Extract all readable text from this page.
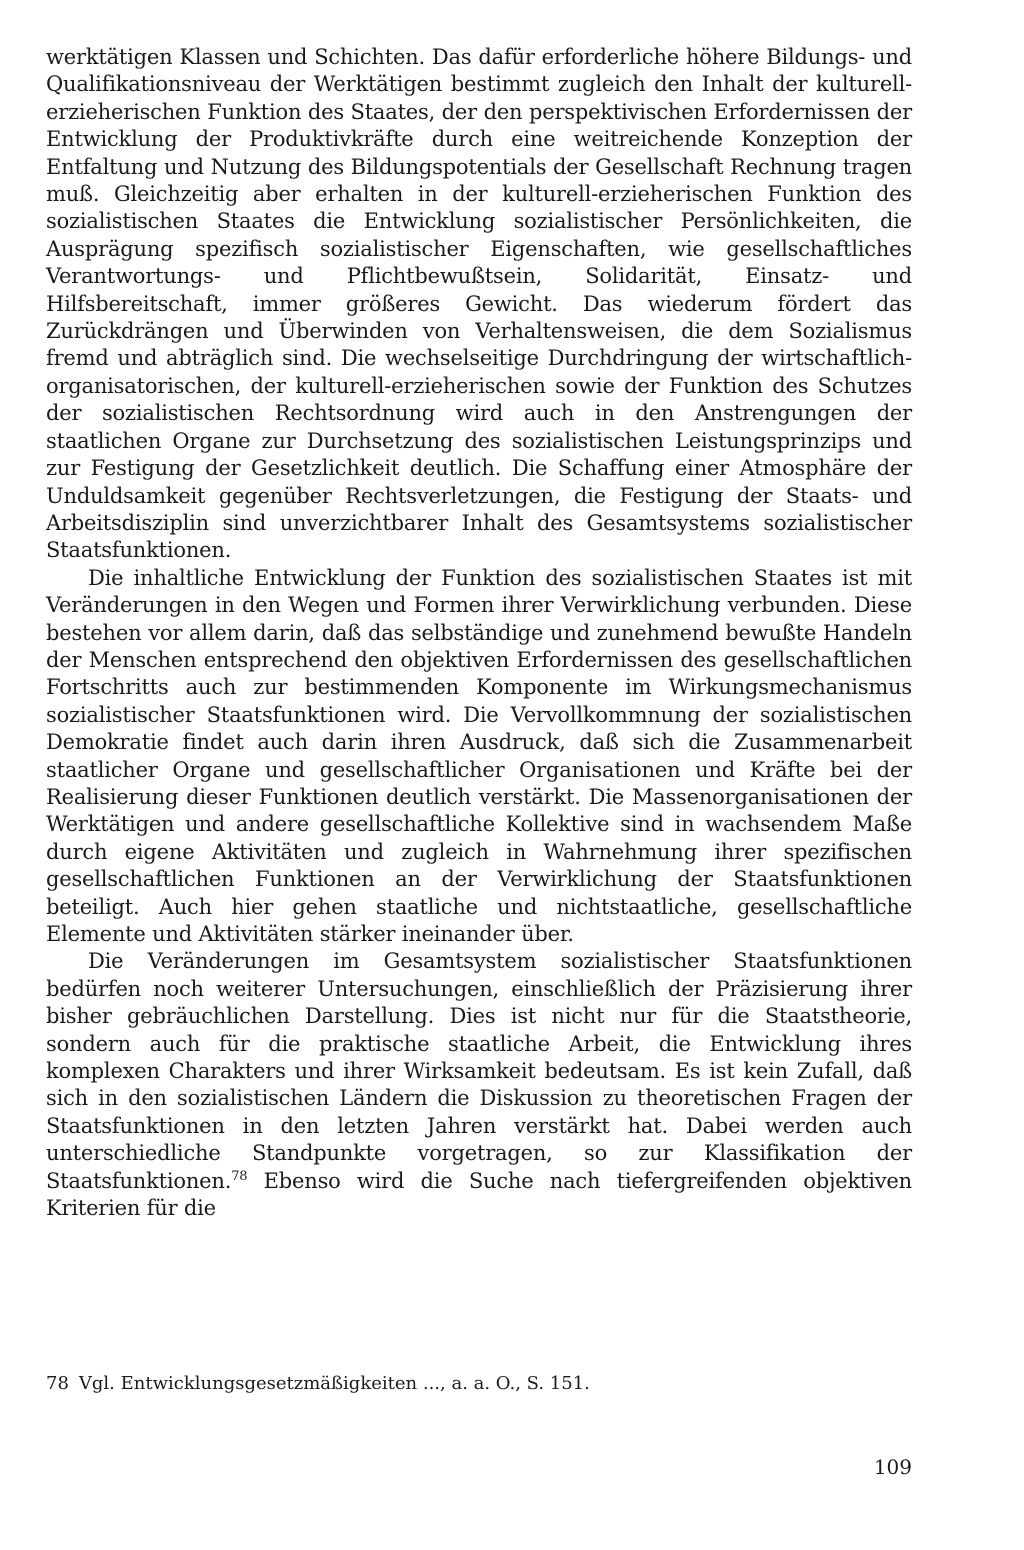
werktätigen Klassen und Schichten. Das dafür erforderliche höhere Bildungs- und Qualifikationsniveau der Werktätigen bestimmt zugleich den Inhalt der kulturell-erzieherischen Funktion des Staates, der den perspektivischen Erfordernissen der Entwicklung der Produktivkräfte durch eine weitreichende Konzeption der Entfaltung und Nutzung des Bildungspotentials der Gesellschaft Rechnung tragen muß. Gleichzeitig aber erhalten in der kulturell-erzieherischen Funktion des sozialistischen Staates die Entwicklung sozialistischer Persönlichkeiten, die Ausprägung spezifisch sozialistischer Eigenschaften, wie gesellschaftliches Verantwortungs- und Pflichtbewußtsein, Solidarität, Einsatz- und Hilfsbereitschaft, immer größeres Gewicht. Das wiederum fördert das Zurückdrängen und Überwinden von Verhaltensweisen, die dem Sozialismus fremd und abträglich sind. Die wechselseitige Durchdringung der wirtschaftlich-organisatorischen, der kulturell-erzieherischen sowie der Funktion des Schutzes der sozialistischen Rechtsordnung wird auch in den Anstrengungen der staatlichen Organe zur Durchsetzung des sozialistischen Leistungsprinzips und zur Festigung der Gesetzlichkeit deutlich. Die Schaffung einer Atmosphäre der Unduldsamkeit gegenüber Rechtsverletzungen, die Festigung der Staats- und Arbeitsdisziplin sind unverzichtbarer Inhalt des Gesamtsystems sozialistischer Staatsfunktionen.

Die inhaltliche Entwicklung der Funktion des sozialistischen Staates ist mit Veränderungen in den Wegen und Formen ihrer Verwirklichung verbunden. Diese bestehen vor allem darin, daß das selbständige und zunehmend bewußte Handeln der Menschen entsprechend den objektiven Erfordernissen des gesellschaftlichen Fortschritts auch zur bestimmenden Komponente im Wirkungsmechanismus sozialistischer Staatsfunktionen wird. Die Vervollkommnung der sozialistischen Demokratie findet auch darin ihren Ausdruck, daß sich die Zusammenarbeit staatlicher Organe und gesellschaftlicher Organisationen und Kräfte bei der Realisierung dieser Funktionen deutlich verstärkt. Die Massenorganisationen der Werktätigen und andere gesellschaftliche Kollektive sind in wachsendem Maße durch eigene Aktivitäten und zugleich in Wahrnehmung ihrer spezifischen gesellschaftlichen Funktionen an der Verwirklichung der Staatsfunktionen beteiligt. Auch hier gehen staatliche und nichtstaatliche, gesellschaftliche Elemente und Aktivitäten stärker ineinander über.

Die Veränderungen im Gesamtsystem sozialistischer Staatsfunktionen bedürfen noch weiterer Untersuchungen, einschließlich der Präzisierung ihrer bisher gebräuchlichen Darstellung. Dies ist nicht nur für die Staatstheorie, sondern auch für die praktische staatliche Arbeit, die Entwicklung ihres komplexen Charakters und ihrer Wirksamkeit bedeutsam. Es ist kein Zufall, daß sich in den sozialistischen Ländern die Diskussion zu theoretischen Fragen der Staatsfunktionen in den letzten Jahren verstärkt hat. Dabei werden auch unterschiedliche Standpunkte vorgetragen, so zur Klassifikation der Staatsfunktionen.$^{78}$ Ebenso wird die Suche nach tiefergreifenden objektiven Kriterien für die

78 Vgl. Entwicklungsgesetzmäßigkeiten ..., a. a. O., S. 151.
109
